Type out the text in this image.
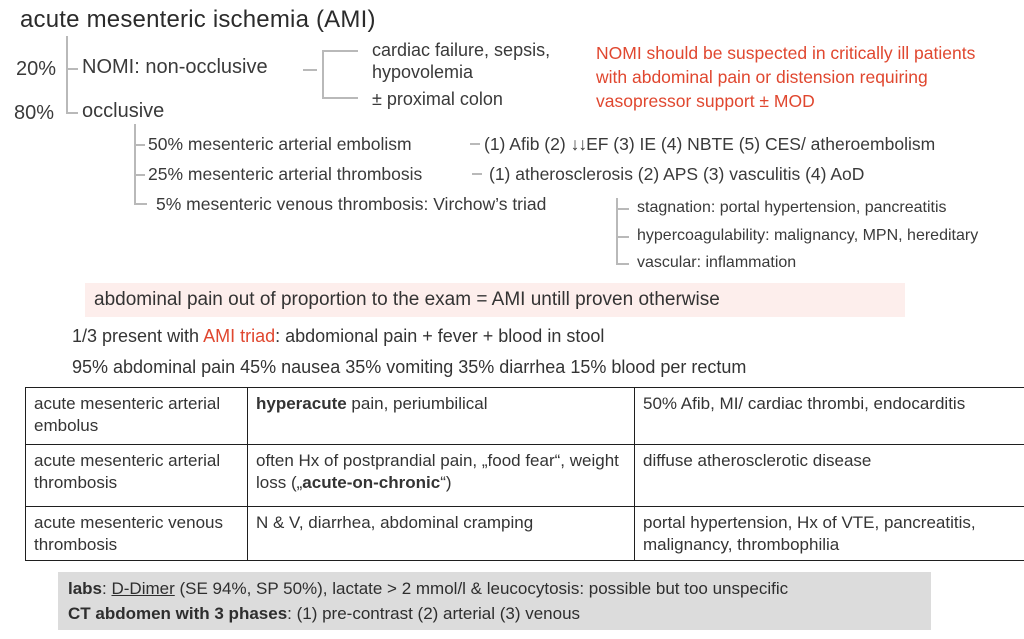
acute mesenteric ischemia (AMI)
20% NOMI: non-occlusive
cardiac failure, sepsis,
hypovolemia
± proximal colon
NOMI should be suspected in critically ill patients with abdominal pain or distension requiring vasopressor support ± MOD
80% occlusive
50% mesenteric arterial embolism	(1) Afib (2) ↓↓EF (3) IE (4) NBTE (5) CES/ atheroembolism
25% mesenteric arterial thrombosis	(1) atherosclerosis (2) APS (3) vasculitis (4) AoD
5% mesenteric venous thrombosis: Virchow’s triad	stagnation: portal hypertension, pancreatitis
hypercoagulability: malignancy, MPN, hereditary
vascular: inflammation
abdominal pain out of proportion to the exam = AMI untill proven otherwise
1/3 present with AMI triad: abdomional pain + fever + blood in stool
95% abdominal pain 45% nausea 35% vomiting 35% diarrhea 15% blood per rectum
acute mesenteric arterial embolus	hyperacute pain, periumbilical	50% Afib, MI/ cardiac thrombi, endocarditis
acute mesenteric arterial thrombosis	often Hx of postprandial pain, „food fear“, weight loss („acute-on-chronic“)	diffuse atherosclerotic disease
acute mesenteric venous thrombosis	N & V, diarrhea, abdominal cramping	portal hypertension, Hx of VTE, pancreatitis, malignancy, thrombophilia
labs: D-Dimer (SE 94%, SP 50%), lactate > 2 mmol/l & leucocytosis: possible but too unspecific
CT abdomen with 3 phases: (1) pre-contrast (2) arterial (3) venous
